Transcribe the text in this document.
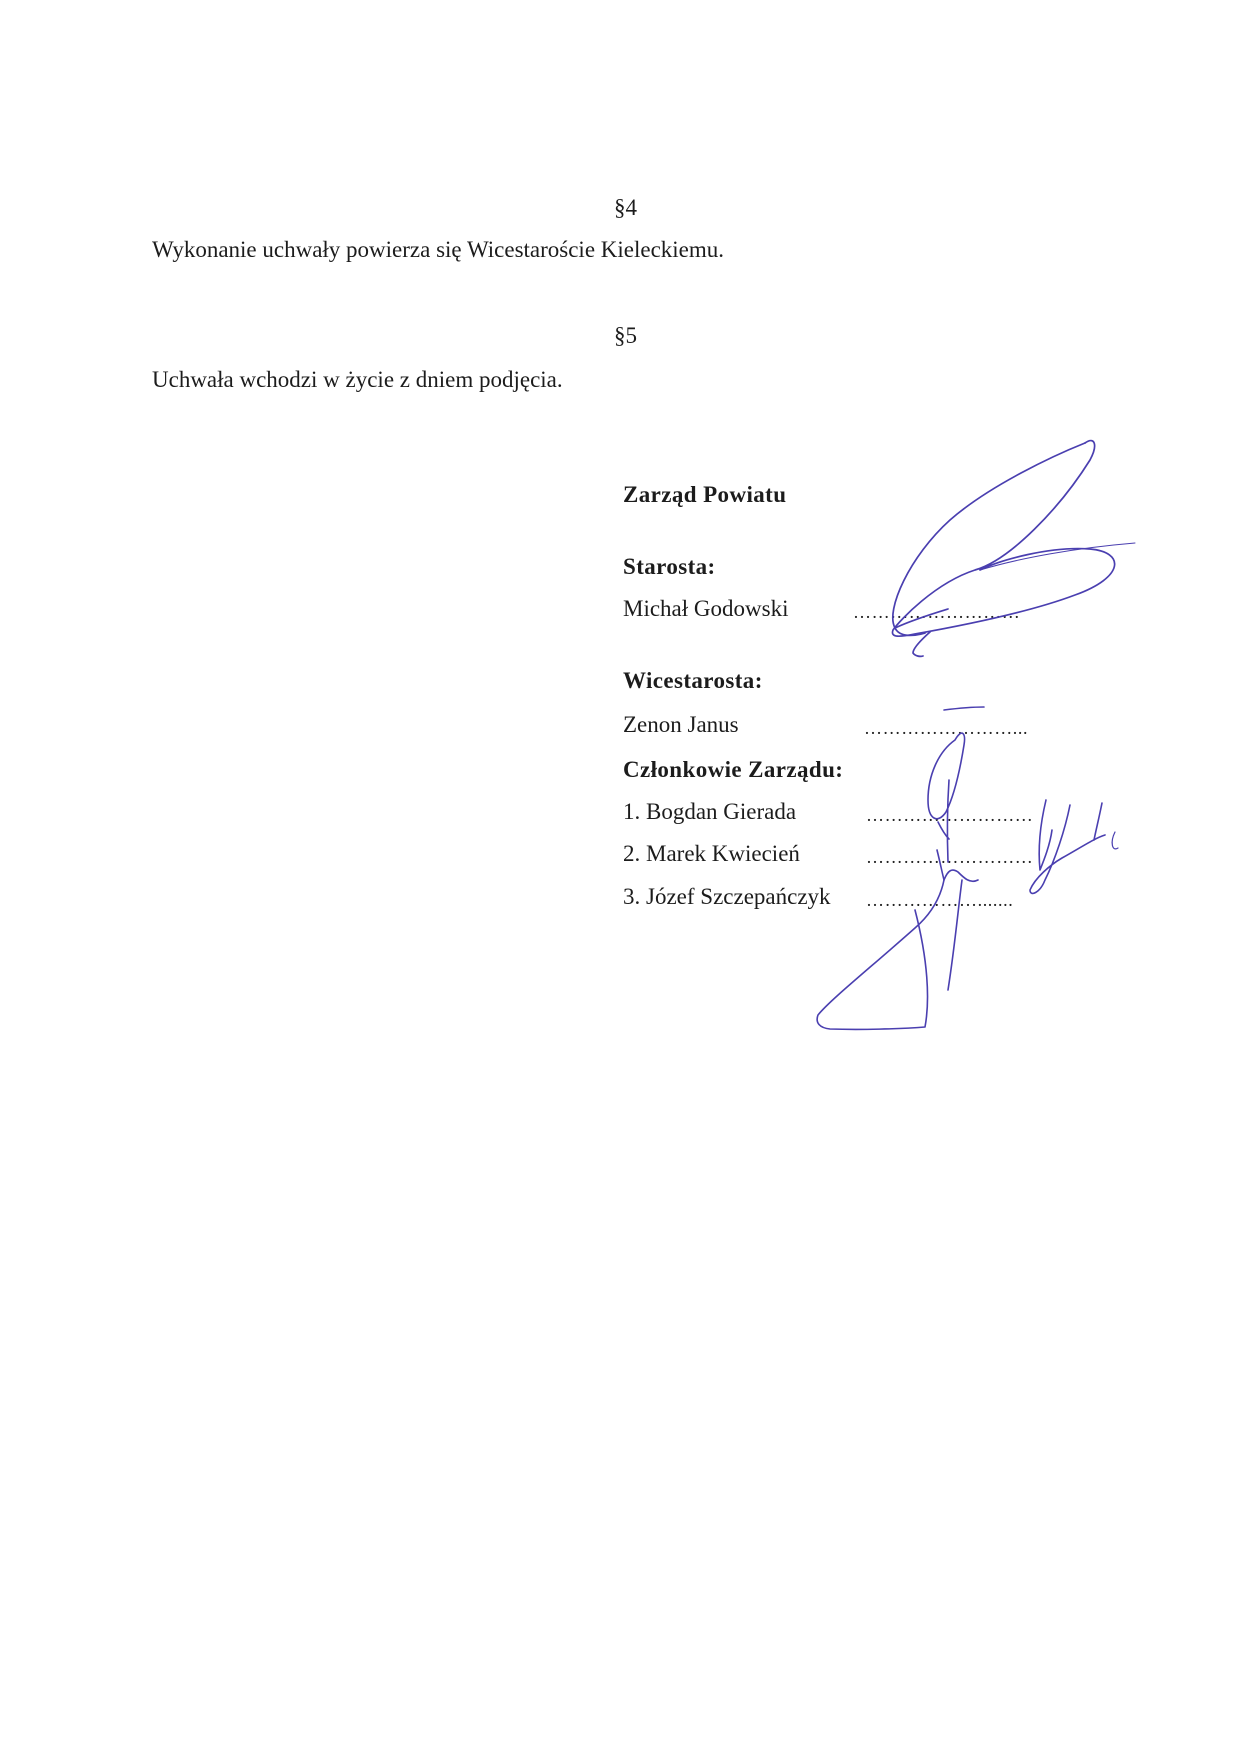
§4
Wykonanie uchwały powierza się Wicestaroście Kieleckiemu.
§5
Uchwała wchodzi w życie z dniem podjęcia.
Zarząd Powiatu
Starosta:
Michał Godowski	………………………
Wicestarosta:
Zenon Janus	……………………...
Członkowie Zarządu:
1. Bogdan Gierada	………………………
2. Marek Kwiecień	………………………
3. Józef Szczepańczyk ……………….......
